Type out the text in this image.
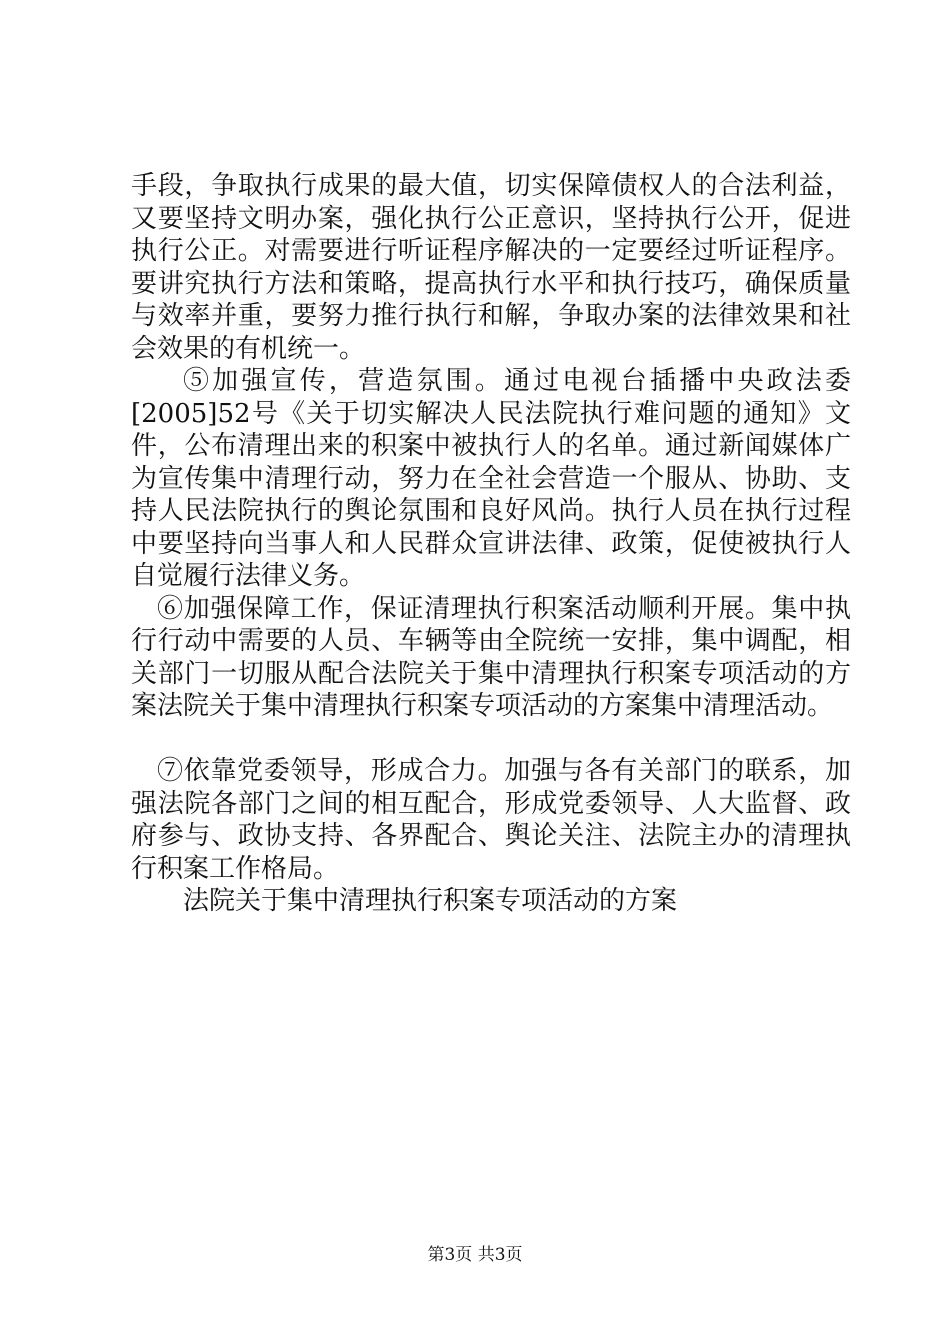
手段，争取执行成果的最大值，切实保障债权人的合法利益，又要坚持文明办案，强化执行公正意识，坚持执行公开，促进执行公正。对需要进行听证程序解决的一定要经过听证程序。要讲究执行方法和策略，提高执行水平和执行技巧，确保质量与效率并重，要努力推行执行和解，争取办案的法律效果和社会效果的有机统一。

⑤加强宣传，营造氛围。通过电视台插播中央政法委[2005]52号《关于切实解决人民法院执行难问题的通知》文件，公布清理出来的积案中被执行人的名单。通过新闻媒体广为宣传集中清理行动，努力在全社会营造一个服从、协助、支持人民法院执行的舆论氛围和良好风尚。执行人员在执行过程中要坚持向当事人和人民群众宣讲法律、政策，促使被执行人自觉履行法律义务。

⑥加强保障工作，保证清理执行积案活动顺利开展。集中执行行动中需要的人员、车辆等由全院统一安排，集中调配，相关部门一切服从配合法院关于集中清理执行积案专项活动的方案法院关于集中清理执行积案专项活动的方案集中清理活动。

⑦依靠党委领导，形成合力。加强与各有关部门的联系，加强法院各部门之间的相互配合，形成党委领导、人大监督、政府参与、政协支持、各界配合、舆论关注、法院主办的清理执行积案工作格局。

法院关于集中清理执行积案专项活动的方案

第3页 共3页
